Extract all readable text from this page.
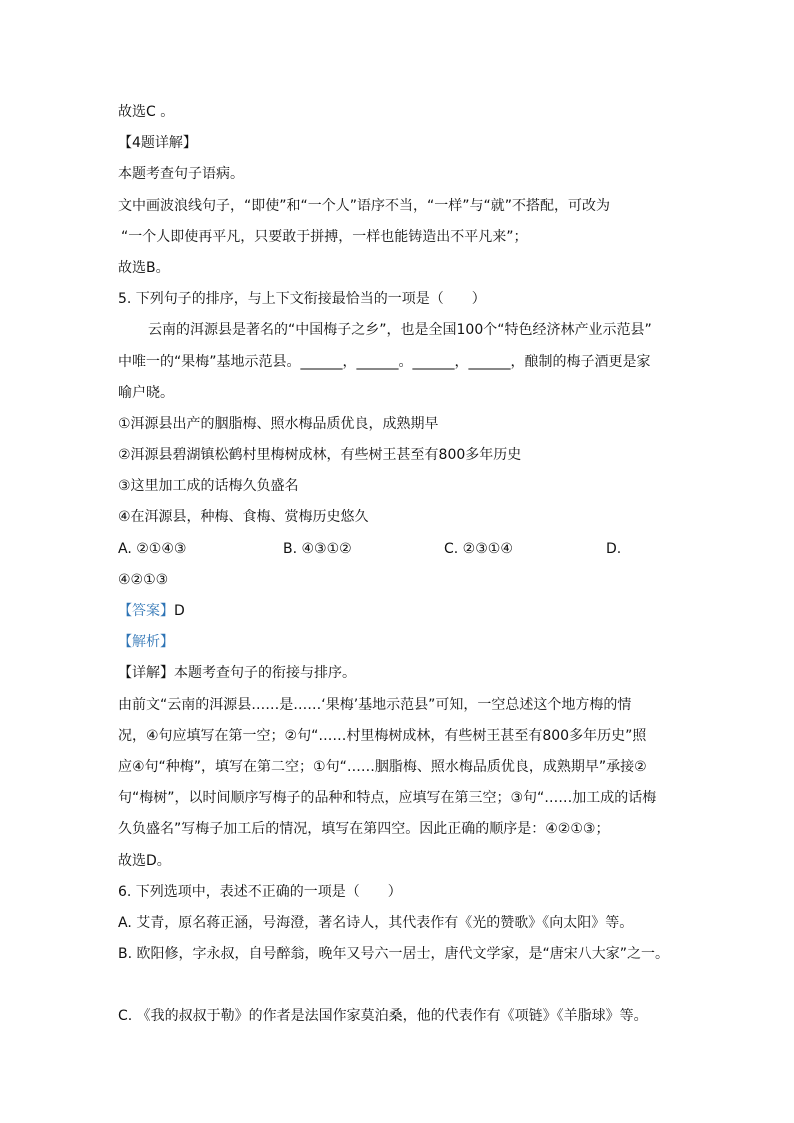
故选C 。
【4题详解】
本题考查句子语病。
文中画波浪线句子，“即使”和“一个人”语序不当，“一样”与“就”不搭配，可改为
“一个人即使再平凡，只要敢于拼搏，一样也能铸造出不平凡来”；
故选B。
5. 下列句子的排序，与上下文衔接最恰当的一项是（　　）
云南的洱源县是著名的“中国梅子之乡”，也是全国100个“特色经济林产业示范县”
中唯一的“果梅”基地示范县。______，______。______，______，酿制的梅子酒更是家
喻户晓。
①洱源县出产的胭脂梅、照水梅品质优良，成熟期早
②洱源县碧湖镇松鹤村里梅树成林，有些树王甚至有800多年历史
③这里加工成的话梅久负盛名
④在洱源县，种梅、食梅、赏梅历史悠久
A. ②①④③	B. ④③①②	C. ②③①④	D.
④②①③
【答案】D
【解析】
【详解】本题考查句子的衔接与排序。
由前文“云南的洱源县……是……‘果梅’基地示范县”可知，一空总述这个地方梅的情
况，④句应填写在第一空；②句“……村里梅树成林，有些树王甚至有800多年历史”照
应④句“种梅”，填写在第二空；①句“……胭脂梅、照水梅品质优良，成熟期早”承接②
句“梅树”，以时间顺序写梅子的品种和特点，应填写在第三空；③句“……加工成的话梅
久负盛名”写梅子加工后的情况，填写在第四空。因此正确的顺序是：④②①③；
故选D。
6. 下列选项中，表述不正确的一项是（　　）
A. 艾青，原名蒋正涵，号海澄，著名诗人，其代表作有《光的赞歌》《向太阳》等。
B. 欧阳修，字永叔，自号醉翁，晚年又号六一居士，唐代文学家，是“唐宋八大家”之一。
C. 《我的叔叔于勒》的作者是法国作家莫泊桑，他的代表作有《项链》《羊脂球》等。
